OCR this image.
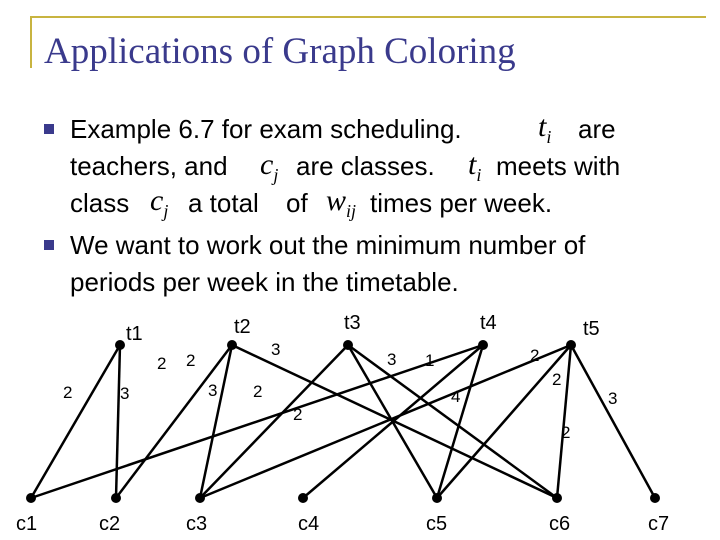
Applications of Graph Coloring
Example 6.7 for exam scheduling.	are
teachers, and	are classes. meets with
class a total of times per week.
$t_i$
$c_j$	$t_i$
$c_j$	$w_{ij}$
We want to work out the minimum number of
periods per week in the timetable.
t1	t2	t3	t4	t5
c1	c2	c3	c4	c5	c6	c7
2	3
2 2
3
3
2
3 1
2
4
2
3
2
2
